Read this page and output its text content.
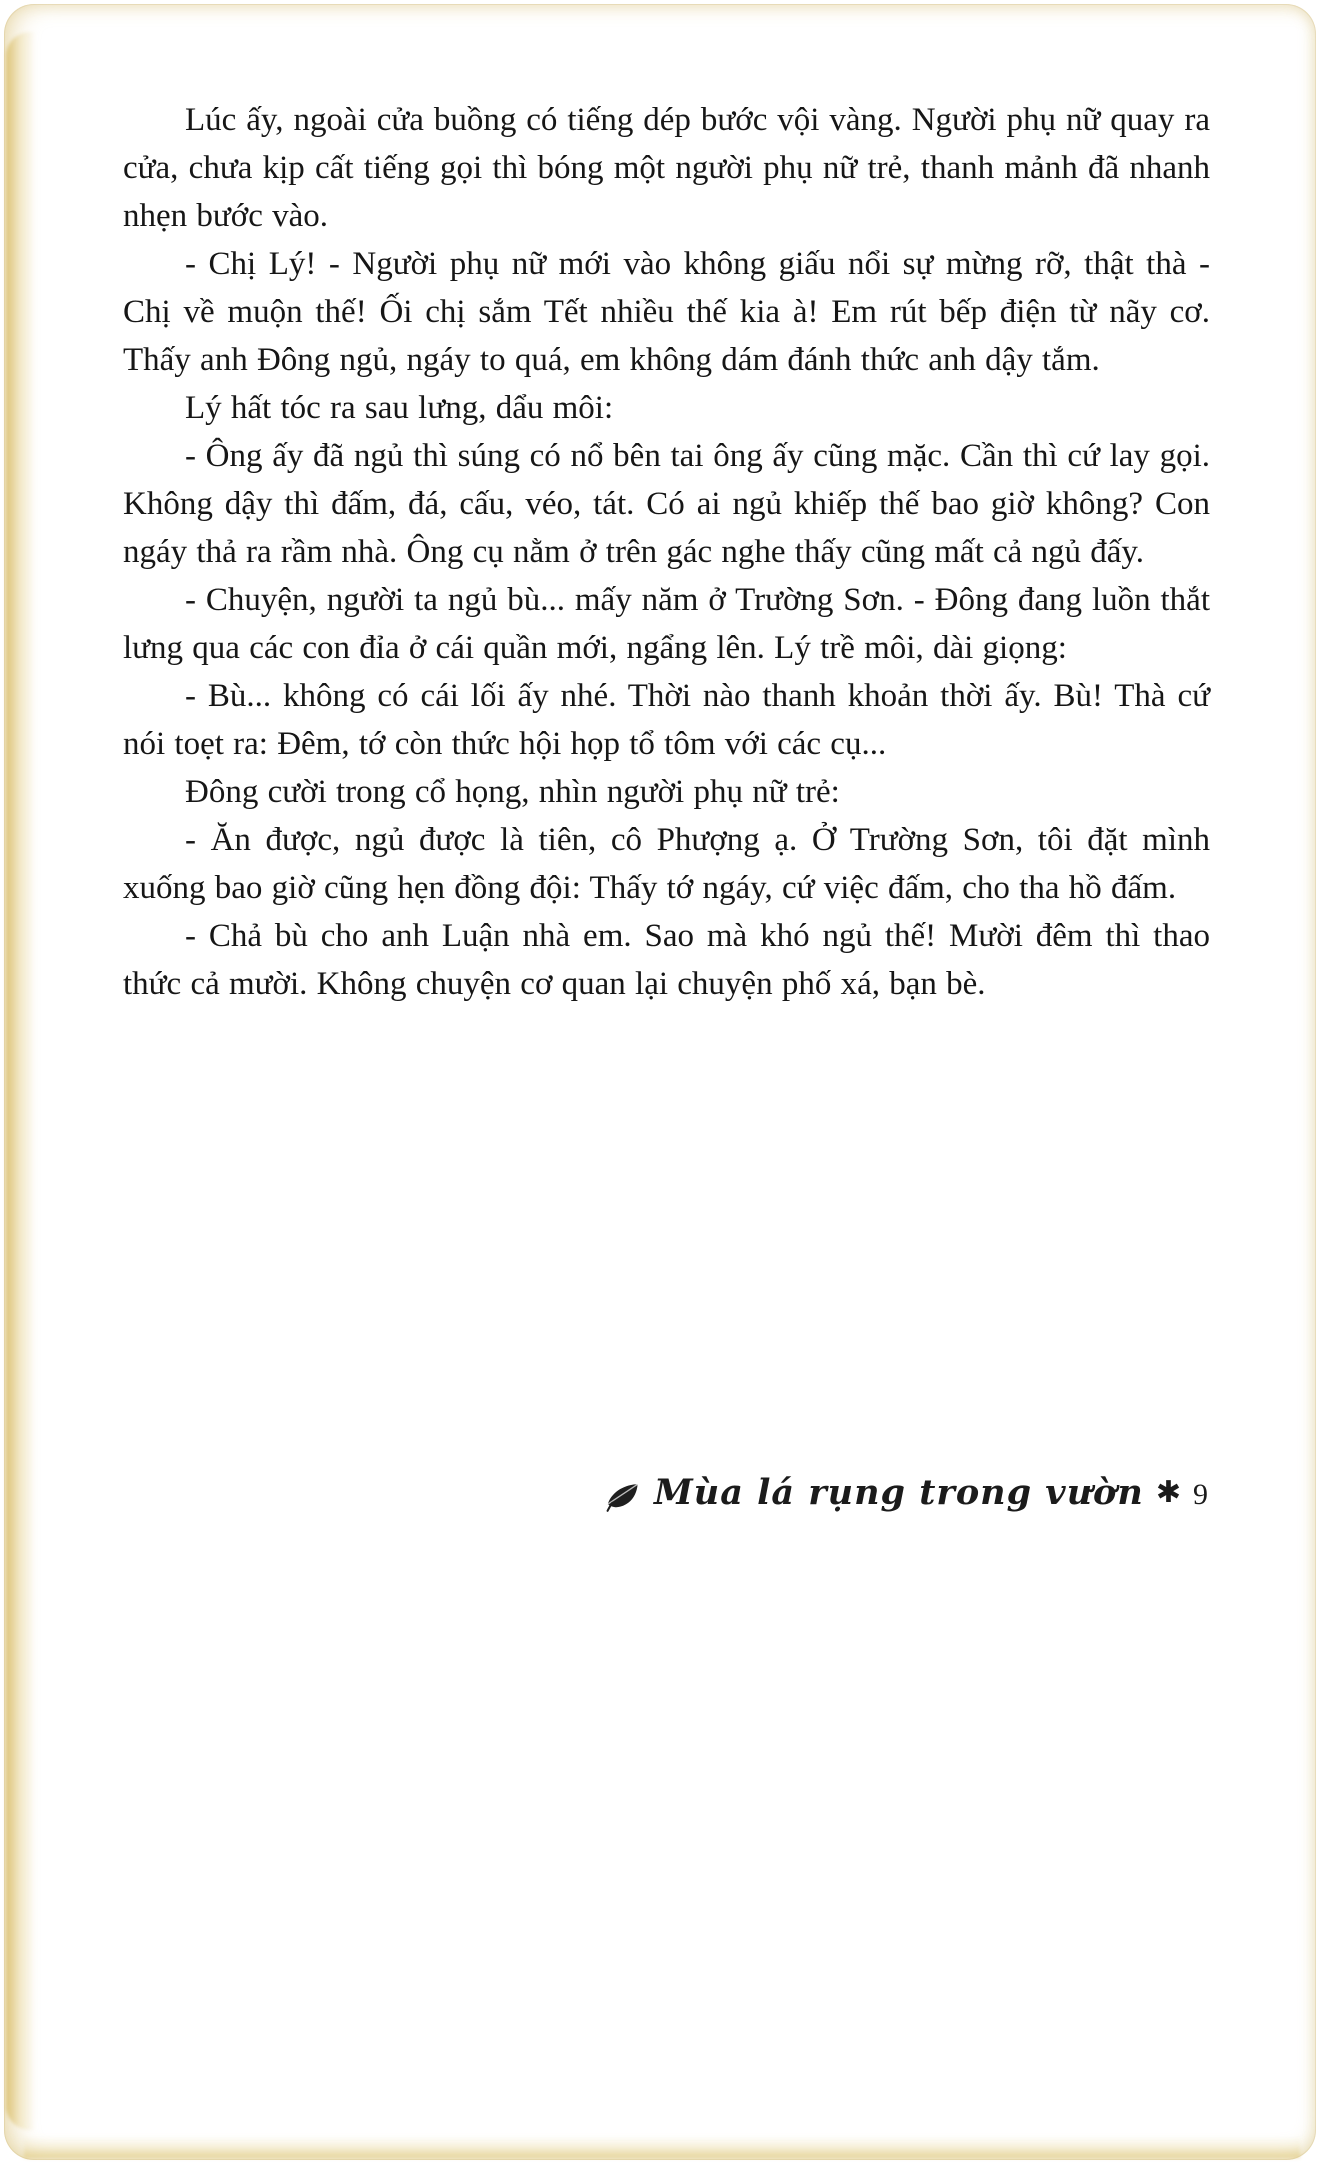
Lúc ấy, ngoài cửa buồng có tiếng dép bước vội vàng. Người phụ nữ quay ra cửa, chưa kịp cất tiếng gọi thì bóng một người phụ nữ trẻ, thanh mảnh đã nhanh nhẹn bước vào.

- Chị Lý! - Người phụ nữ mới vào không giấu nổi sự mừng rỡ, thật thà - Chị về muộn thế! Ối chị sắm Tết nhiều thế kia à! Em rút bếp điện từ nãy cơ. Thấy anh Đông ngủ, ngáy to quá, em không dám đánh thức anh dậy tắm.

Lý hất tóc ra sau lưng, dẩu môi:

- Ông ấy đã ngủ thì súng có nổ bên tai ông ấy cũng mặc. Cần thì cứ lay gọi. Không dậy thì đấm, đá, cấu, véo, tát. Có ai ngủ khiếp thế bao giờ không? Con ngáy thả ra rầm nhà. Ông cụ nằm ở trên gác nghe thấy cũng mất cả ngủ đấy.

- Chuyện, người ta ngủ bù... mấy năm ở Trường Sơn. - Đông đang luồn thắt lưng qua các con đỉa ở cái quần mới, ngẩng lên. Lý trề môi, dài giọng:

- Bù... không có cái lối ấy nhé. Thời nào thanh khoản thời ấy. Bù! Thà cứ nói toẹt ra: Đêm, tớ còn thức hội họp tổ tôm với các cụ...

Đông cười trong cổ họng, nhìn người phụ nữ trẻ:

- Ăn được, ngủ được là tiên, cô Phượng ạ. Ở Trường Sơn, tôi đặt mình xuống bao giờ cũng hẹn đồng đội: Thấy tớ ngáy, cứ việc đấm, cho tha hồ đấm.

- Chả bù cho anh Luận nhà em. Sao mà khó ngủ thế! Mười đêm thì thao thức cả mười. Không chuyện cơ quan lại chuyện phố xá, bạn bè.

Mùa lá rụng trong vườn ✱ 9
